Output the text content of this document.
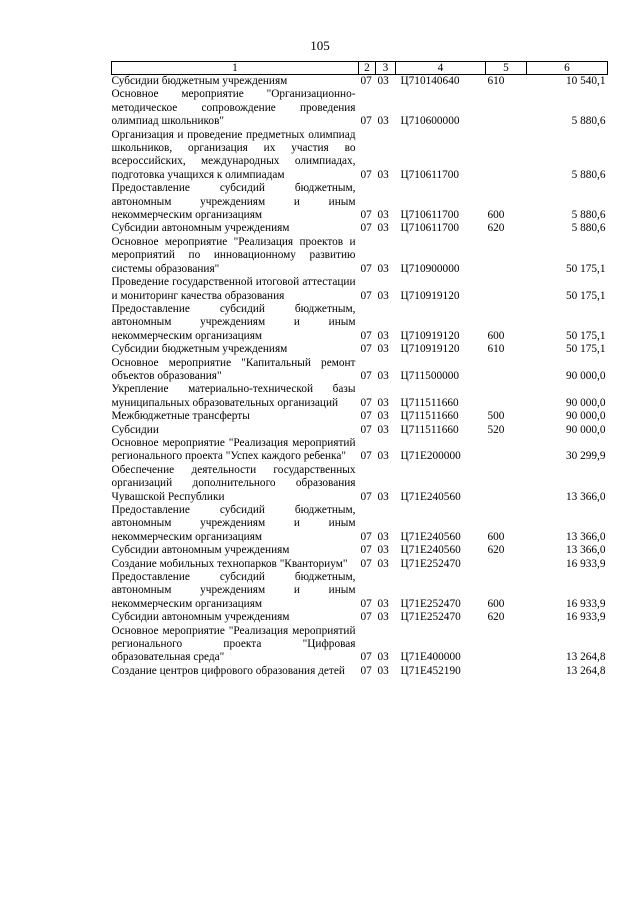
105
1	2	3	4	5	6
Субсидии бюджетным учреждениям	07	03	Ц710140640	610	10 540,1
Основное мероприятие "Организационно-методическое сопровождение проведения олимпиад школьников"	07	03	Ц710600000		5 880,6
Организация и проведение предметных олимпиад школьников, организация их участия во всероссийских, международных олимпиадах, подготовка учащихся к олимпиадам	07	03	Ц710611700		5 880,6
Предоставление субсидий бюджетным, автономным учреждениям и иным некоммерческим организациям	07	03	Ц710611700	600	5 880,6
Субсидии автономным учреждениям	07	03	Ц710611700	620	5 880,6
Основное мероприятие "Реализация проектов и мероприятий по инновационному развитию системы образования"	07	03	Ц710900000		50 175,1
Проведение государственной итоговой аттестации и мониторинг качества образования	07	03	Ц710919120		50 175,1
Предоставление субсидий бюджетным, автономным учреждениям и иным некоммерческим организациям	07	03	Ц710919120	600	50 175,1
Субсидии бюджетным учреждениям	07	03	Ц710919120	610	50 175,1
Основное мероприятие "Капитальный ремонт объектов образования"	07	03	Ц711500000		90 000,0
Укрепление материально-технической базы муниципальных образовательных организаций	07	03	Ц711511660		90 000,0
Межбюджетные трансферты	07	03	Ц711511660	500	90 000,0
Субсидии	07	03	Ц711511660	520	90 000,0
Основное мероприятие "Реализация мероприятий регионального проекта "Успех каждого ребенка"	07	03	Ц71Е200000		30 299,9
Обеспечение деятельности государственных организаций дополнительного образования Чувашской Республики	07	03	Ц71Е240560		13 366,0
Предоставление субсидий бюджетным, автономным учреждениям и иным некоммерческим организациям	07	03	Ц71Е240560	600	13 366,0
Субсидии автономным учреждениям	07	03	Ц71Е240560	620	13 366,0
Создание мобильных технопарков "Кванториум"	07	03	Ц71Е252470		16 933,9
Предоставление субсидий бюджетным, автономным учреждениям и иным некоммерческим организациям	07	03	Ц71Е252470	600	16 933,9
Субсидии автономным учреждениям	07	03	Ц71Е252470	620	16 933,9
Основное мероприятие "Реализация мероприятий регионального проекта "Цифровая образовательная среда"	07	03	Ц71Е400000		13 264,8
Создание центров цифрового образования детей	07	03	Ц71Е452190		13 264,8
